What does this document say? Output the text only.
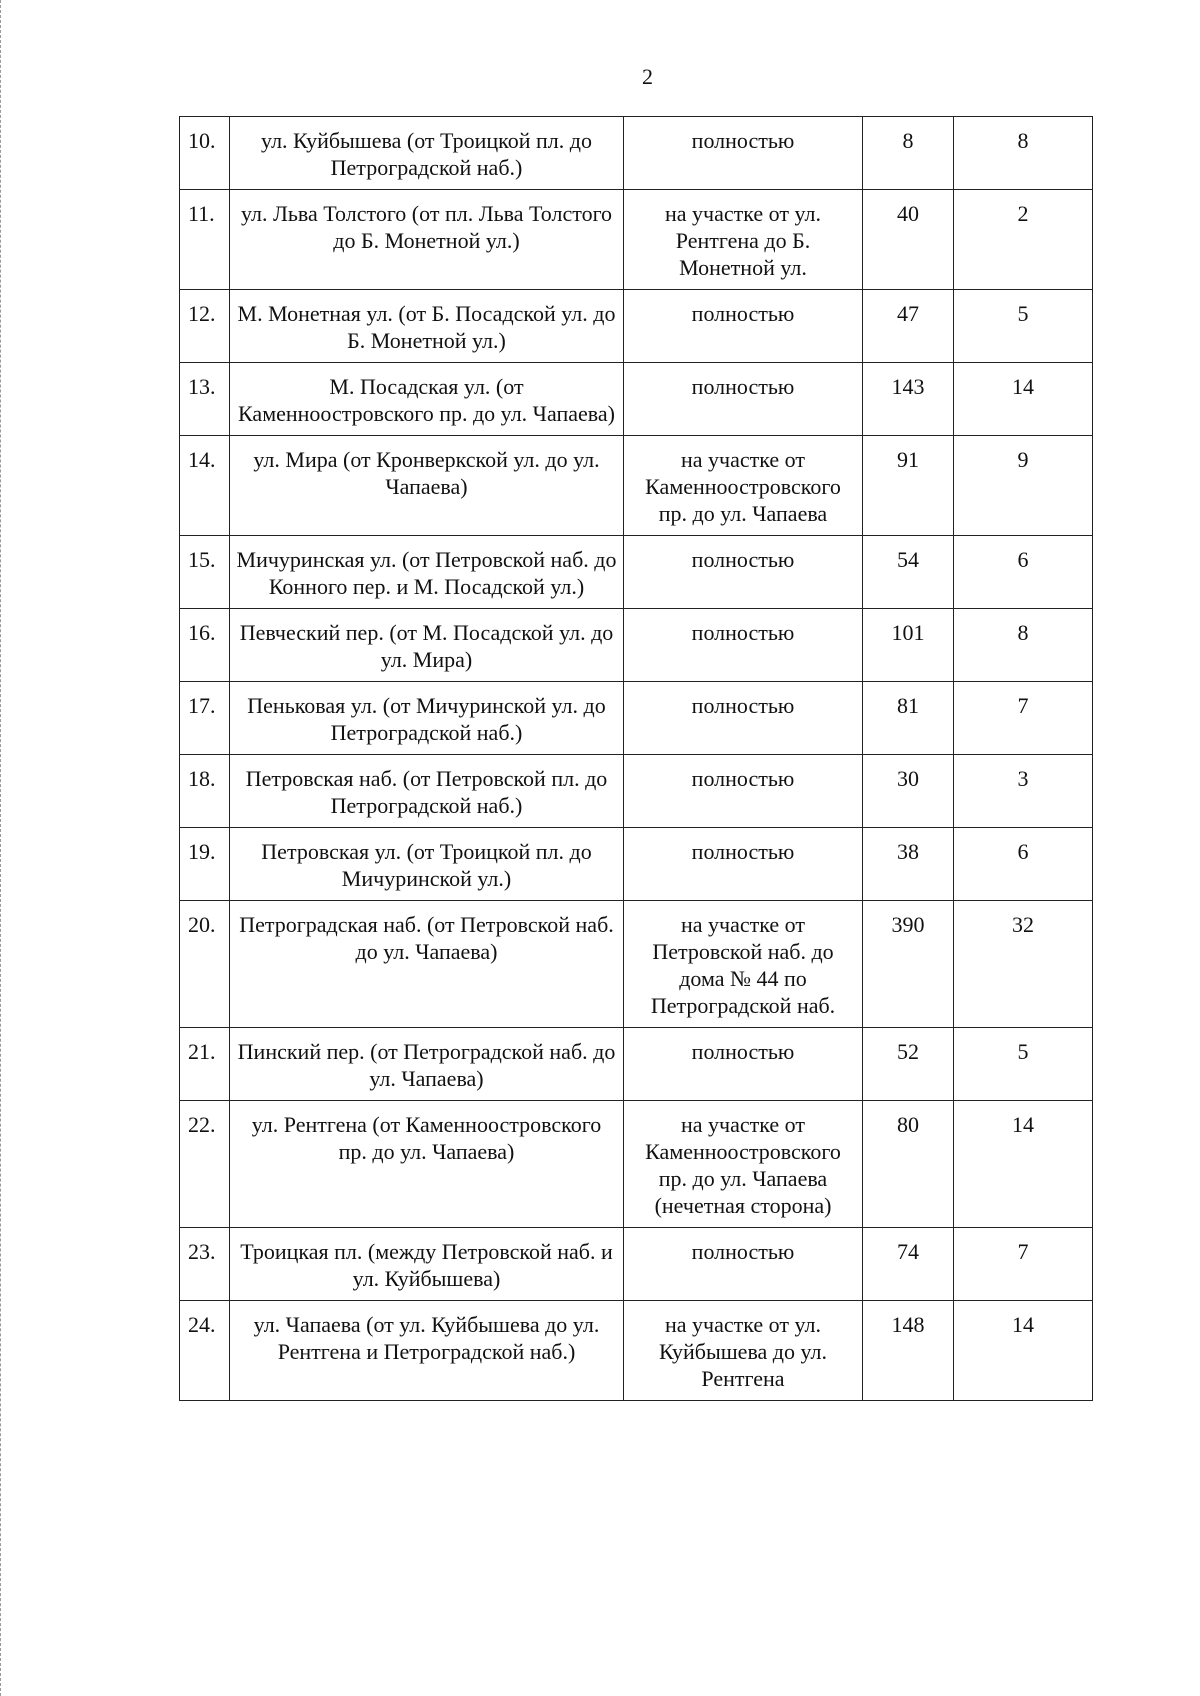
2
10.	ул. Куйбышева (от Троицкой пл. до Петроградской наб.)	полностью	8	8
11.	ул. Льва Толстого (от пл. Льва Толстого до Б. Монетной ул.)	на участке от ул. Рентгена до Б. Монетной ул.	40	2
12.	М. Монетная ул. (от Б. Посадской ул. до Б. Монетной ул.)	полностью	47	5
13.	М. Посадская ул. (от Каменноостровского пр. до ул. Чапаева)	полностью	143	14
14.	ул. Мира (от Кронверкской ул. до ул. Чапаева)	на участке от Каменноостровского пр. до ул. Чапаева	91	9
15.	Мичуринская ул. (от Петровской наб. до Конного пер. и М. Посадской ул.)	полностью	54	6
16.	Певческий пер. (от М. Посадской ул. до ул. Мира)	полностью	101	8
17.	Пеньковая ул. (от Мичуринской ул. до Петроградской наб.)	полностью	81	7
18.	Петровская наб. (от Петровской пл. до Петроградской наб.)	полностью	30	3
19.	Петровская ул. (от Троицкой пл. до Мичуринской ул.)	полностью	38	6
20.	Петроградская наб. (от Петровской наб. до ул. Чапаева)	на участке от Петровской наб. до дома № 44 по Петроградской наб.	390	32
21.	Пинский пер. (от Петроградской наб. до ул. Чапаева)	полностью	52	5
22.	ул. Рентгена (от Каменноостровского пр. до ул. Чапаева)	на участке от Каменноостровского пр. до ул. Чапаева (нечетная сторона)	80	14
23.	Троицкая пл. (между Петровской наб. и ул. Куйбышева)	полностью	74	7
24.	ул. Чапаева (от ул. Куйбышева до ул. Рентгена и Петроградской наб.)	на участке от ул. Куйбышева до ул. Рентгена	148	14
